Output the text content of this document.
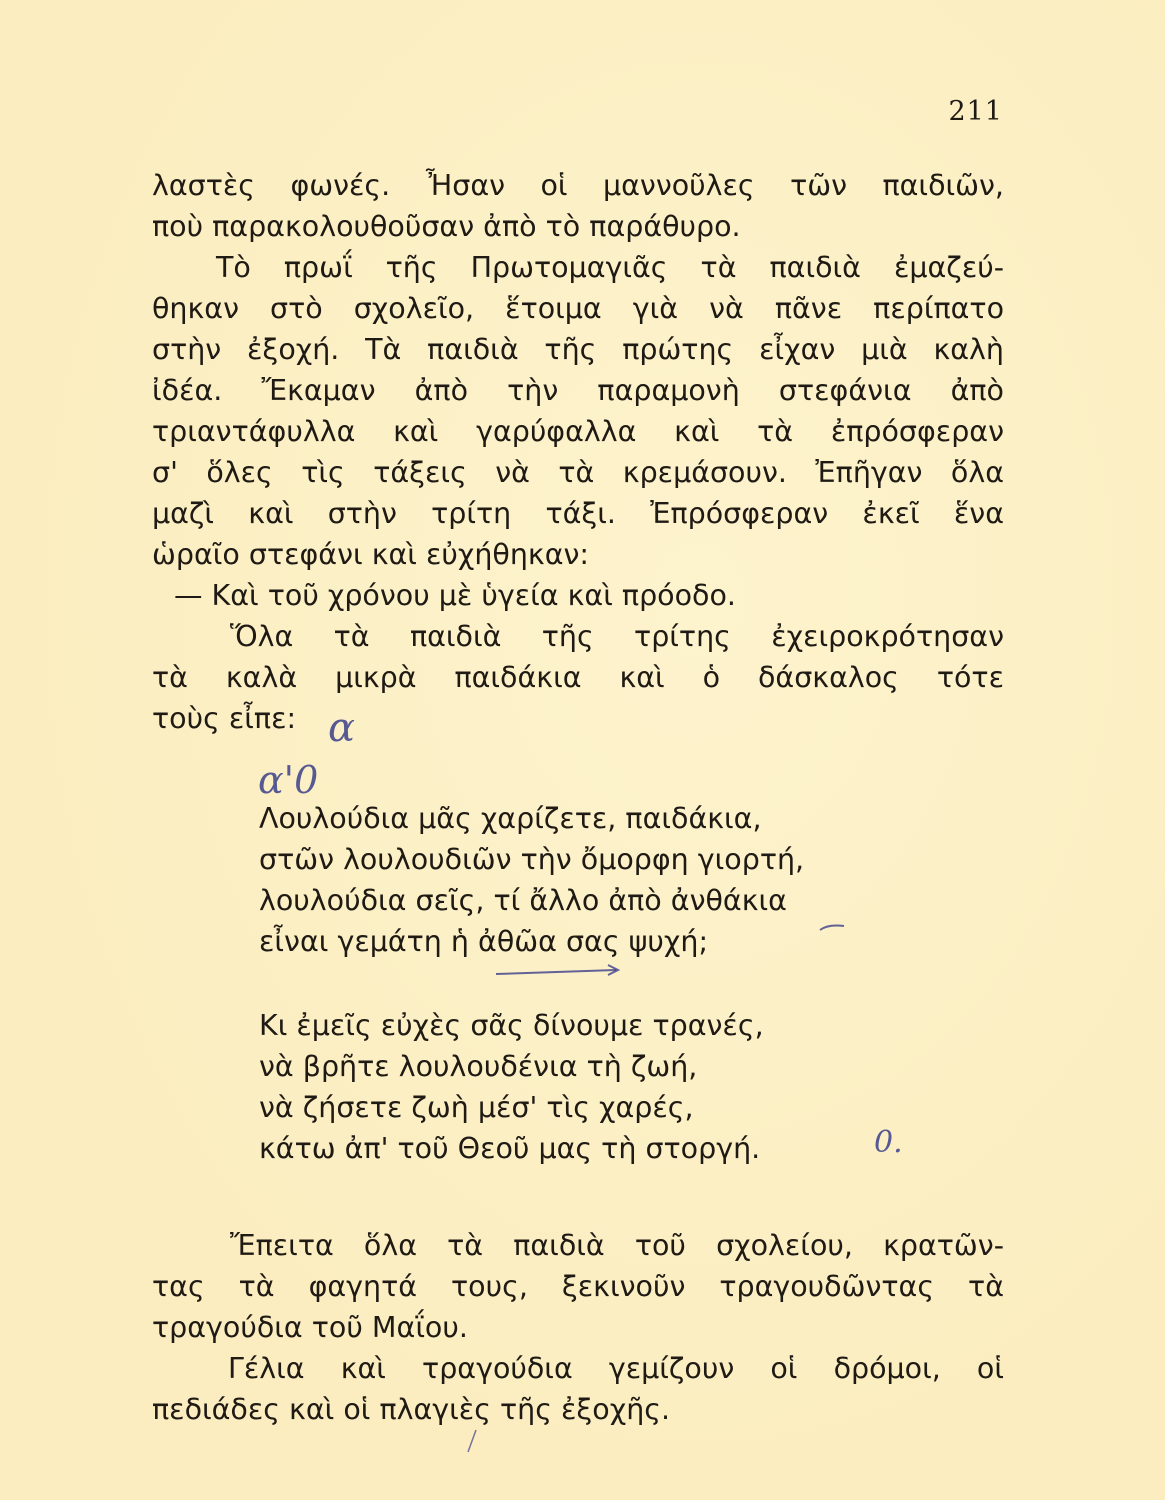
211
λαστὲς φωνές. Ἦσαν οἱ μαννοῦλες τῶν παιδιῶν,
ποὺ παρακολουθοῦσαν ἀπὸ τὸ παράθυρο.
Τὸ πρωΐ τῆς Πρωτομαγιᾶς τὰ παιδιὰ ἐμαζεύ-
θηκαν στὸ σχολεῖο, ἕτοιμα γιὰ νὰ πᾶνε περίπατο
στὴν ἐξοχή. Τὰ παιδιὰ τῆς πρώτης εἶχαν μιὰ καλὴ
ἰδέα. Ἔκαμαν ἀπὸ τὴν παραμονὴ στεφάνια ἀπὸ
τριαντάφυλλα καὶ γαρύφαλλα καὶ τὰ ἐπρόσφεραν
σ' ὅλες τὶς τάξεις νὰ τὰ κρεμάσουν. Ἐπῆγαν ὅλα
μαζὶ καὶ στὴν τρίτη τάξι. Ἐπρόσφεραν ἐκεῖ ἕνα
ὡραῖο στεφάνι καὶ εὐχήθηκαν:
— Καὶ τοῦ χρόνου μὲ ὑγεία καὶ πρόοδο.
Ὅλα τὰ παιδιὰ τῆς τρίτης ἐχειροκρότησαν
τὰ καλὰ μικρὰ παιδάκια καὶ ὁ δάσκαλος τότε
τοὺς εἶπε: α
α'0
Λουλούδια μᾶς χαρίζετε, παιδάκια,
στῶν λουλουδιῶν τὴν ὄμορφη γιορτή,
λουλούδια σεῖς, τί ἄλλο ἀπὸ ἀνθάκια
εἶναι γεμάτη ἡ ἀθῶα σας ψυχή;
Κι ἐμεῖς εὐχὲς σᾶς δίνουμε τρανές,
νὰ βρῆτε λουλουδένια τὴ ζωή,
νὰ ζήσετε ζωὴ μέσ' τὶς χαρές,
κάτω ἀπ' τοῦ Θεοῦ μας τὴ στοργή.	0.
Ἔπειτα ὅλα τὰ παιδιὰ τοῦ σχολείου, κρατῶν-
τας τὰ φαγητά τους, ξεκινοῦν τραγουδῶντας τὰ
τραγούδια τοῦ Μαΐου.
Γέλια καὶ τραγούδια γεμίζουν οἱ δρόμοι, οἱ
πεδιάδες καὶ οἱ πλαγιὲς τῆς ἐξοχῆς.
